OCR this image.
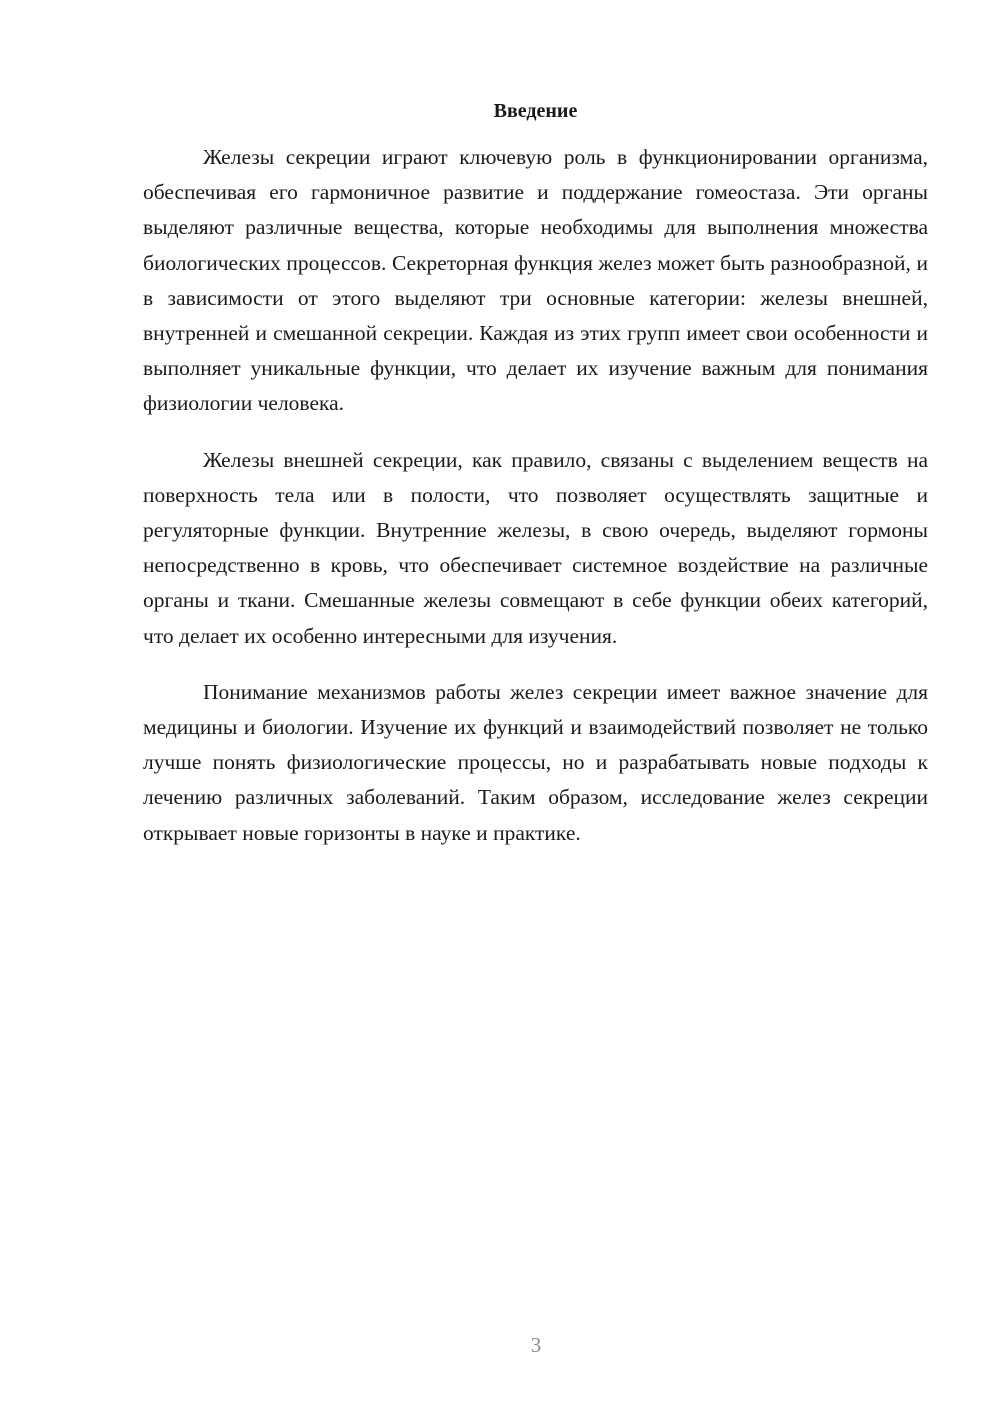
Введение

Железы секреции играют ключевую роль в функционировании организма, обеспечивая его гармоничное развитие и поддержание гомеостаза. Эти органы выделяют различные вещества, которые необходимы для выполнения множества биологических процессов. Секреторная функция желез может быть разнообразной, и в зависимости от этого выделяют три основные категории: железы внешней, внутренней и смешанной секреции. Каждая из этих групп имеет свои особенности и выполняет уникальные функции, что делает их изучение важным для понимания физиологии человека.

Железы внешней секреции, как правило, связаны с выделением веществ на поверхность тела или в полости, что позволяет осуществлять защитные и регуляторные функции. Внутренние железы, в свою очередь, выделяют гормоны непосредственно в кровь, что обеспечивает системное воздействие на различные органы и ткани. Смешанные железы совмещают в себе функции обеих категорий, что делает их особенно интересными для изучения.

Понимание механизмов работы желез секреции имеет важное значение для медицины и биологии. Изучение их функций и взаимодействий позволяет не только лучше понять физиологические процессы, но и разрабатывать новые подходы к лечению различных заболеваний. Таким образом, исследование желез секреции открывает новые горизонты в науке и практике.

3
